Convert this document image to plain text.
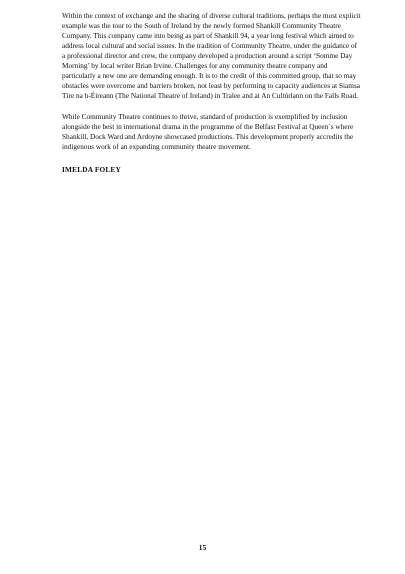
Within the context of exchange and the sharing of diverse cultural traditions, perhaps the most explicit example was the tour to the South of Ireland by the newly formed Shankill Community Theatre Company. This company came into being as part of Shankill 94, a year long festival which aimed to address local cultural and social issues. In the tradition of Community Theatre, under the guidance of a professional director and crew, the company developed a production around a script ‘Somme Day Morning’ by local writer Brian Irvine. Challenges for any community theatre company and particularly a new one are demanding enough. It is to the credit of this committed group, that so may obstacles were overcome and barriers broken, not least by performing to capacity audiences at Siamsa Tíre na h-Éireann (The National Theatre of Ireland) in Tralee and at An Cultúrlann on the Falls Road.

While Community Theatre continues to thrive, standard of production is exemplified by inclusion alongside the best in international drama in the programme of the Belfast Festival at Queen´s where Shankill, Dock Ward and Ardoyne showcased productions. This development properly accredits the indigenous work of an expanding community theatre movement.

IMELDA FOLEY

15
